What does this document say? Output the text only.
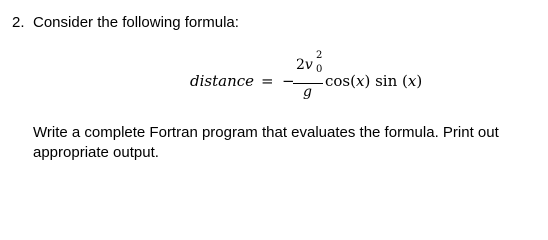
2. Consider the following formula:
distance = −
2v
2
0
g
cos(x) sin (x)
Write a complete Fortran program that evaluates the formula. Print out
appropriate output.
